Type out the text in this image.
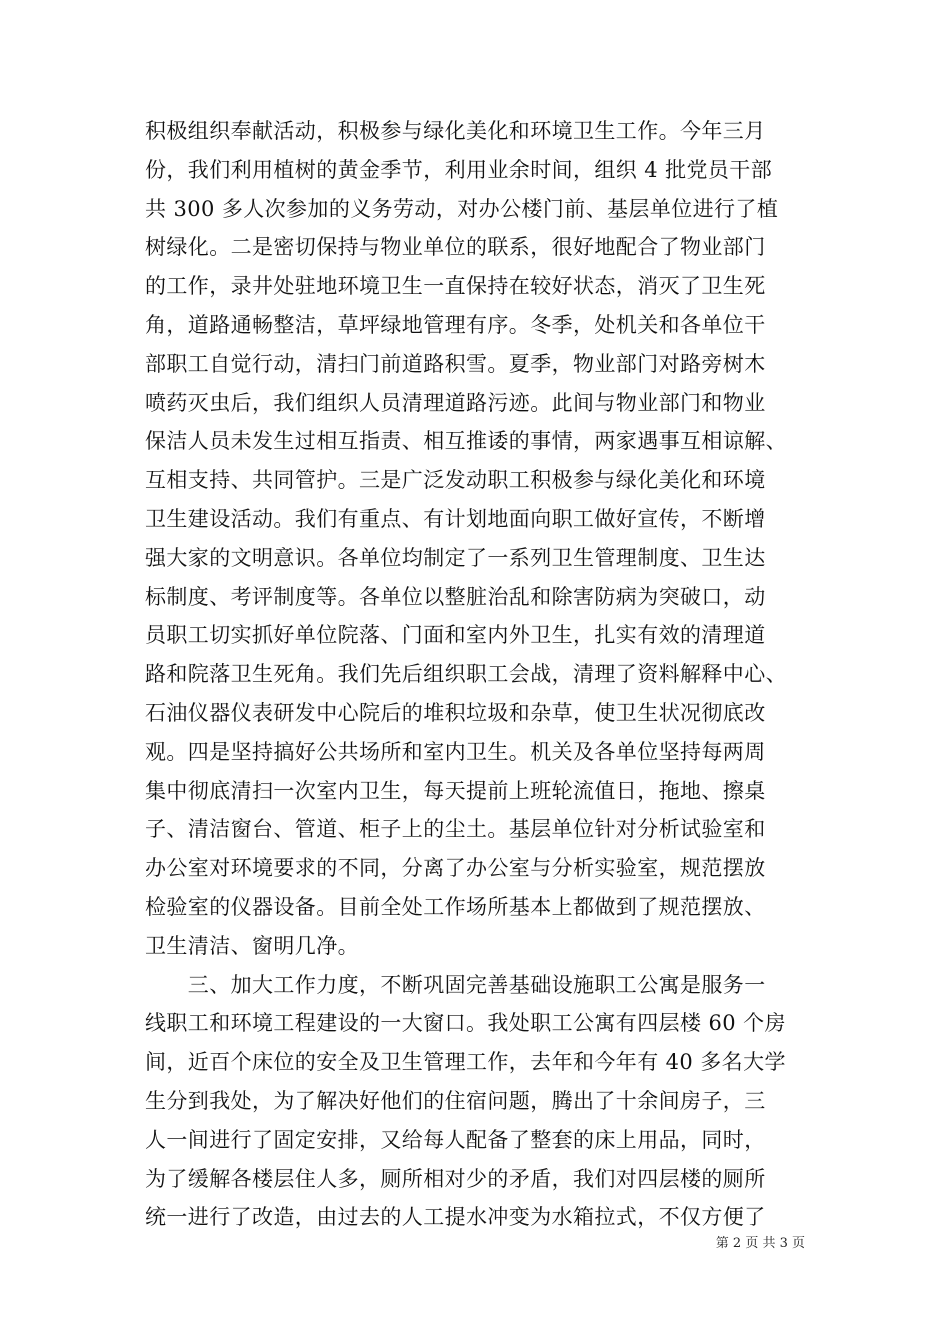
积极组织奉献活动，积极参与绿化美化和环境卫生工作。今年三月
份，我们利用植树的黄金季节，利用业余时间，组织 4 批党员干部
共 300 多人次参加的义务劳动，对办公楼门前、基层单位进行了植
树绿化。二是密切保持与物业单位的联系，很好地配合了物业部门
的工作，录井处驻地环境卫生一直保持在较好状态，消灭了卫生死
角，道路通畅整洁，草坪绿地管理有序。冬季，处机关和各单位干
部职工自觉行动，清扫门前道路积雪。夏季，物业部门对路旁树木
喷药灭虫后，我们组织人员清理道路污迹。此间与物业部门和物业
保洁人员未发生过相互指责、相互推诿的事情，两家遇事互相谅解、
互相支持、共同管护。三是广泛发动职工积极参与绿化美化和环境
卫生建设活动。我们有重点、有计划地面向职工做好宣传，不断增
强大家的文明意识。各单位均制定了一系列卫生管理制度、卫生达
标制度、考评制度等。各单位以整脏治乱和除害防病为突破口，动
员职工切实抓好单位院落、门面和室内外卫生，扎实有效的清理道
路和院落卫生死角。我们先后组织职工会战，清理了资料解释中心、
石油仪器仪表研发中心院后的堆积垃圾和杂草，使卫生状况彻底改
观。四是坚持搞好公共场所和室内卫生。机关及各单位坚持每两周
集中彻底清扫一次室内卫生，每天提前上班轮流值日，拖地、擦桌
子、清洁窗台、管道、柜子上的尘土。基层单位针对分析试验室和
办公室对环境要求的不同，分离了办公室与分析实验室，规范摆放
检验室的仪器设备。目前全处工作场所基本上都做到了规范摆放、
卫生清洁、窗明几净。
　　三、加大工作力度，不断巩固完善基础设施职工公寓是服务一
线职工和环境工程建设的一大窗口。我处职工公寓有四层楼 60 个房
间，近百个床位的安全及卫生管理工作，去年和今年有 40 多名大学
生分到我处，为了解决好他们的住宿问题，腾出了十余间房子，三
人一间进行了固定安排，又给每人配备了整套的床上用品，同时，
为了缓解各楼层住人多，厕所相对少的矛盾，我们对四层楼的厕所
统一进行了改造，由过去的人工提水冲变为水箱拉式，不仅方便了
第 2 页 共 3 页
